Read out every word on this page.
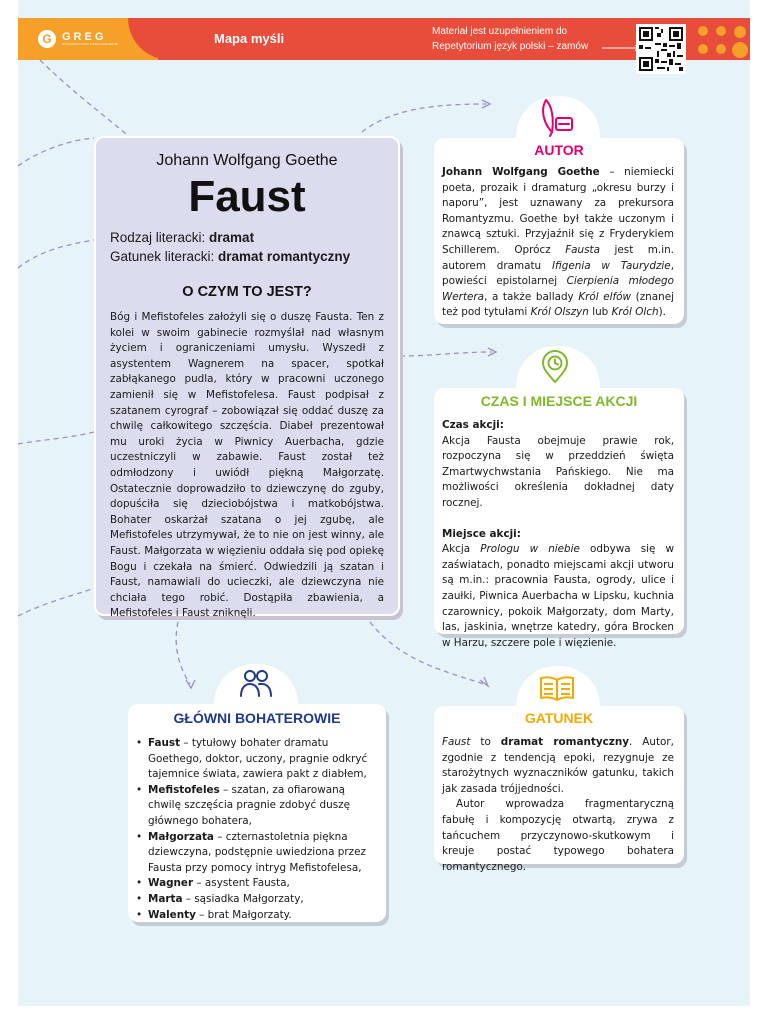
G GREG
WYDAWNICTWO PEDAGOGICZNE	Mapa myśli	Materiał jest uzupełnieniem do
Repetytorium język polski – zamów
Johann Wolfgang Goethe
Faust
Rodzaj literacki: dramat
Gatunek literacki: dramat romantyczny
O CZYM TO JEST?
Bóg i Mefistofeles założyli się o duszę Fausta. Ten z kolei w swoim gabinecie rozmyślał nad własnym życiem i ograniczeniami umysłu. Wyszedł z asystentem Wagnerem na spacer, spotkał zabłąkanego pudla, który w pracowni uczonego zamienił się w Mefistofelesa. Faust podpisał z szatanem cyrograf – zobowiązał się oddać duszę za chwilę całkowitego szczęścia. Diabeł prezentował mu uroki życia w Piwnicy Auerbacha, gdzie uczestniczyli w zabawie. Faust został też odmłodzony i uwiódł piękną Małgorzatę. Ostatecznie doprowadziło to dziewczynę do zguby, dopuściła się dzieciobójstwa i matkobójstwa. Bohater oskarżał szatana o jej zgubę, ale Mefistofeles utrzymywał, że to nie on jest winny, ale Faust. Małgorzata w więzieniu oddała się pod opiekę Bogu i czekała na śmierć. Odwiedzili ją szatan i Faust, namawiali do ucieczki, ale dziewczyna nie chciała tego robić. Dostąpiła zbawienia, a Mefistofeles i Faust zniknęli.
AUTOR
Johann Wolfgang Goethe – niemiecki poeta, prozaik i dramaturg „okresu burzy i naporu”, jest uznawany za prekursora Romantyzmu. Goethe był także uczonym i znawcą sztuki. Przyjaźnił się z Fryderykiem Schillerem. Oprócz Fausta jest m.in. autorem dramatu Ifigenia w Taurydzie, powieści epistolarnej Cierpienia młodego Wertera, a także ballady Król elfów (znanej też pod tytułami Król Olszyn lub Król Olch).
CZAS I MIEJSCE AKCJI
Czas akcji:
Akcja Fausta obejmuje prawie rok, rozpoczyna się w przeddzień święta Zmartwychwstania Pańskiego. Nie ma możliwości określenia dokładnej daty rocznej.
Miejsce akcji:
Akcja Prologu w niebie odbywa się w zaświatach, ponadto miejscami akcji utworu są m.in.: pracownia Fausta, ogrody, ulice i zaułki, Piwnica Auerbacha w Lipsku, kuchnia czarownicy, pokoik Małgorzaty, dom Marty, las, jaskinia, wnętrze katedry, góra Brocken w Harzu, szczere pole i więzienie.
GŁÓWNI BOHATEROWIE
• Faust – tytułowy bohater dramatu Goethego, doktor, uczony, pragnie odkryć tajemnice świata, zawiera pakt z diabłem,
• Mefistofeles – szatan, za ofiarowaną chwilę szczęścia pragnie zdobyć duszę głównego bohatera,
• Małgorzata – czternastoletnia piękna dziewczyna, podstępnie uwiedziona przez Fausta przy pomocy intryg Mefistofelesa,
• Wagner – asystent Fausta,
• Marta – sąsiadka Małgorzaty,
• Walenty – brat Małgorzaty.
GATUNEK
Faust to dramat romantyczny. Autor, zgodnie z tendencją epoki, rezygnuje ze starożytnych wyznaczników gatunku, takich jak zasada trójjedności.
Autor wprowadza fragmentaryczną fabułę i kompozycję otwartą, zrywa z tańcuchem przyczynowo-skutkowym i kreuje postać typowego bohatera romantycznego.
